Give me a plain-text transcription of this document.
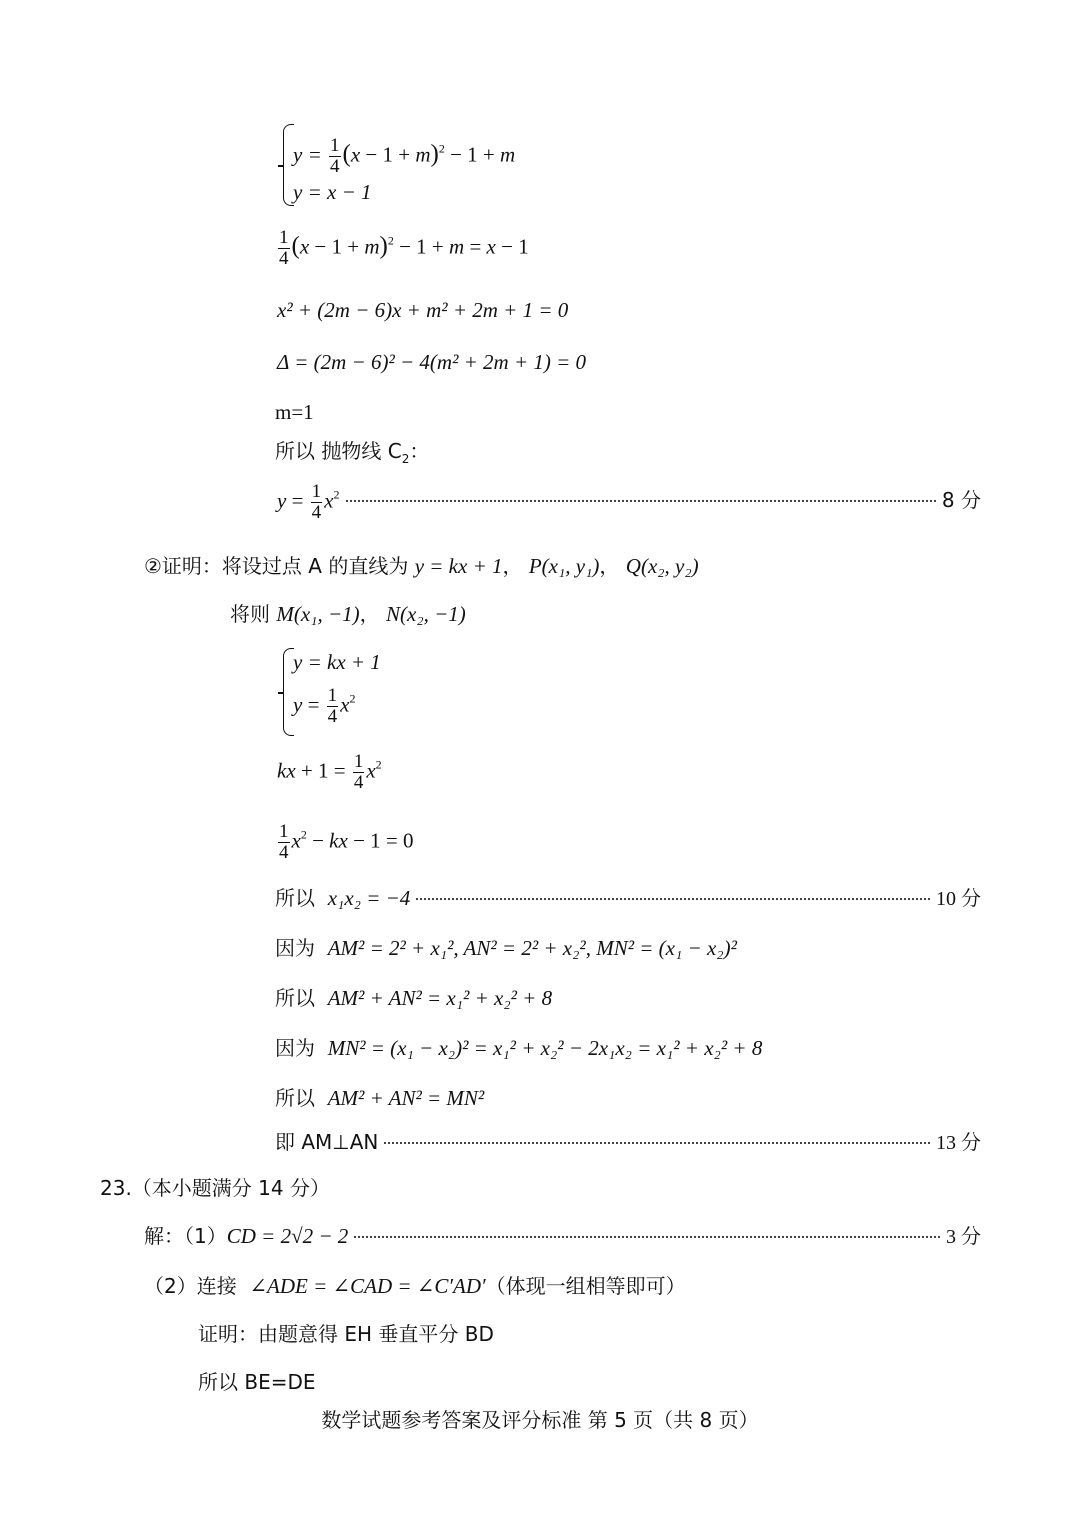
$y = \frac{1}{4} (x - 1 + m)^2 - 1 + m$
y = x − 1
$\frac{1}{4} (x - 1 + m)^2 - 1 + m = x - 1$
x² + (2m − 6)x + m² + 2m + 1 = 0
Δ = (2m − 6)² − 4(m² + 2m + 1) = 0
m=1
所以 抛物线 $C_2$：
$y = \frac{1}{4} x^2$	8 分
②证明：将设过点 A 的直线为 y = kx + 1， P(x₁, y₁)， Q(x₂, y₂)
将则 M(x₁, −1)， N(x₂, −1)
y = kx + 1
$y = \frac{1}{4} x^2$
kx + $1 = \frac{1}{4} x^2$
$\frac{1}{4} x^2$ − kx − 1 = 0
所以
x₁x₂ = −4	10 分
因为 AM² = 2² + x₁², AN² = 2² + x₂², MN² = (x₁ − x₂)²
所以 AM² + AN² = x₁² + x₂² + 8
因为 MN² = (x₁ − x₂)² = x₁² + x₂² − 2x₁x₂ = x₁² + x₂² + 8
所以 AM² + AN² = MN²
即 AM⊥AN	13 分
23.（本小题满分 14 分）
解：（1） CD = 2√2 − 2	3 分
（2）连接 ∠ADE = ∠CAD = ∠C′AD′（体现一组相等即可）
证明：由题意得 EH 垂直平分 BD
所以 BE=DE
数学试题参考答案及评分标准 第 5 页（共 8 页）
